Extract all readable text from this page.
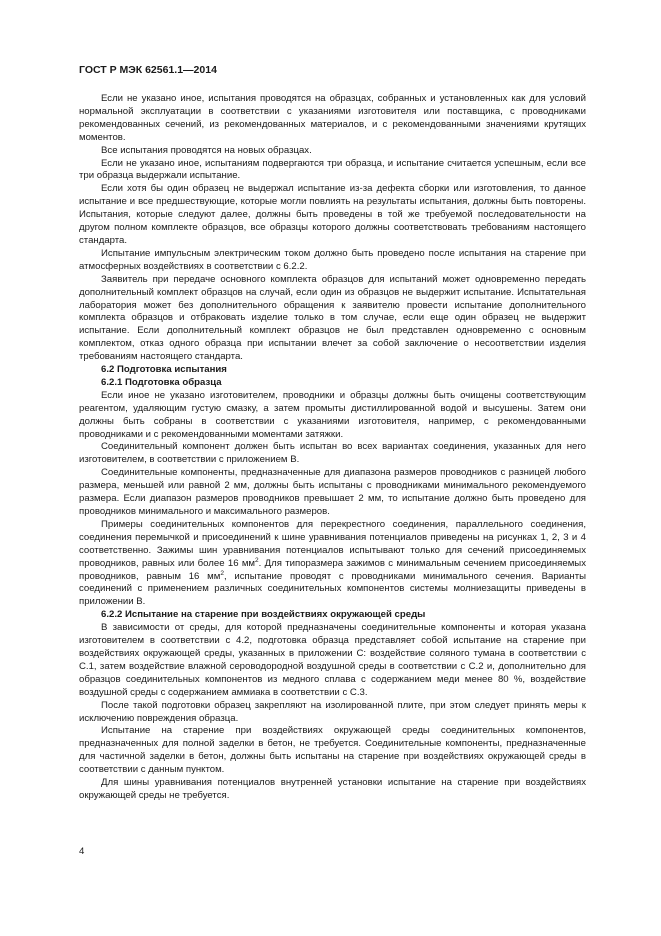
ГОСТ Р МЭК 62561.1—2014

Если не указано иное, испытания проводятся на образцах, собранных и установленных как для условий нормальной эксплуатации в соответствии с указаниями изготовителя или поставщика, с проводниками рекомендованных сечений, из рекомендованных материалов, и с рекомендованными значениями крутящих моментов.

Все испытания проводятся на новых образцах.

Если не указано иное, испытаниям подвергаются три образца, и испытание считается успешным, если все три образца выдержали испытание.

Если хотя бы один образец не выдержал испытание из-за дефекта сборки или изготовления, то данное испытание и все предшествующие, которые могли повлиять на результаты испытания, должны быть повторены. Испытания, которые следуют далее, должны быть проведены в той же требуемой последовательности на другом полном комплекте образцов, все образцы которого должны соответствовать требованиям настоящего стандарта.

Испытание импульсным электрическим током должно быть проведено после испытания на старение при атмосферных воздействиях в соответствии с 6.2.2.

Заявитель при передаче основного комплекта образцов для испытаний может одновременно передать дополнительный комплект образцов на случай, если один из образцов не выдержит испытание. Испытательная лаборатория может без дополнительного обращения к заявителю провести испытание дополнительного комплекта образцов и отбраковать изделие только в том случае, если еще один образец не выдержит испытание. Если дополнительный комплект образцов не был представлен одновременно с основным комплектом, отказ одного образца при испытании влечет за собой заключение о несоответствии изделия требованиям настоящего стандарта.

6.2 Подготовка испытания
6.2.1 Подготовка образца

Если иное не указано изготовителем, проводники и образцы должны быть очищены соответствующим реагентом, удаляющим густую смазку, а затем промыты дистиллированной водой и высушены. Затем они должны быть собраны в соответствии с указаниями изготовителя, например, с рекомендованными проводниками и с рекомендованными моментами затяжки.

Соединительный компонент должен быть испытан во всех вариантах соединения, указанных для него изготовителем, в соответствии с приложением В.

Соединительные компоненты, предназначенные для диапазона размеров проводников с разницей любого размера, меньшей или равной 2 мм, должны быть испытаны с проводниками минимального рекомендуемого размера. Если диапазон размеров проводников превышает 2 мм, то испытание должно быть проведено для проводников минимального и максимального размеров.

Примеры соединительных компонентов для перекрестного соединения, параллельного соединения, соединения перемычкой и присоединений к шине уравнивания потенциалов приведены на рисунках 1, 2, 3 и 4 соответственно. Зажимы шин уравнивания потенциалов испытывают только для сечений присоединяемых проводников, равных или более 16 $мм^2$. Для типоразмера зажимов с минимальным сечением присоединяемых проводников, равным 16 $мм^2$, испытание проводят с проводниками минимального сечения. Варианты соединений с применением различных соединительных компонентов системы молниезащиты приведены в приложении В.

6.2.2 Испытание на старение при воздействиях окружающей среды

В зависимости от среды, для которой предназначены соединительные компоненты и которая указана изготовителем в соответствии с 4.2, подготовка образца представляет собой испытание на старение при воздействиях окружающей среды, указанных в приложении С: воздействие соляного тумана в соответствии с С.1, затем воздействие влажной сероводородной воздушной среды в соответствии с С.2 и, дополнительно для образцов соединительных компонентов из медного сплава с содержанием меди менее 80 %, воздействие воздушной среды с содержанием аммиака в соответствии с С.3.

После такой подготовки образец закрепляют на изолированной плите, при этом следует принять меры к исключению повреждения образца.

Испытание на старение при воздействиях окружающей среды соединительных компонентов, предназначенных для полной заделки в бетон, не требуется. Соединительные компоненты, предназначенные для частичной заделки в бетон, должны быть испытаны на старение при воздействиях окружающей среды в соответствии с данным пунктом.

Для шины уравнивания потенциалов внутренней установки испытание на старение при воздействиях окружающей среды не требуется.

4
